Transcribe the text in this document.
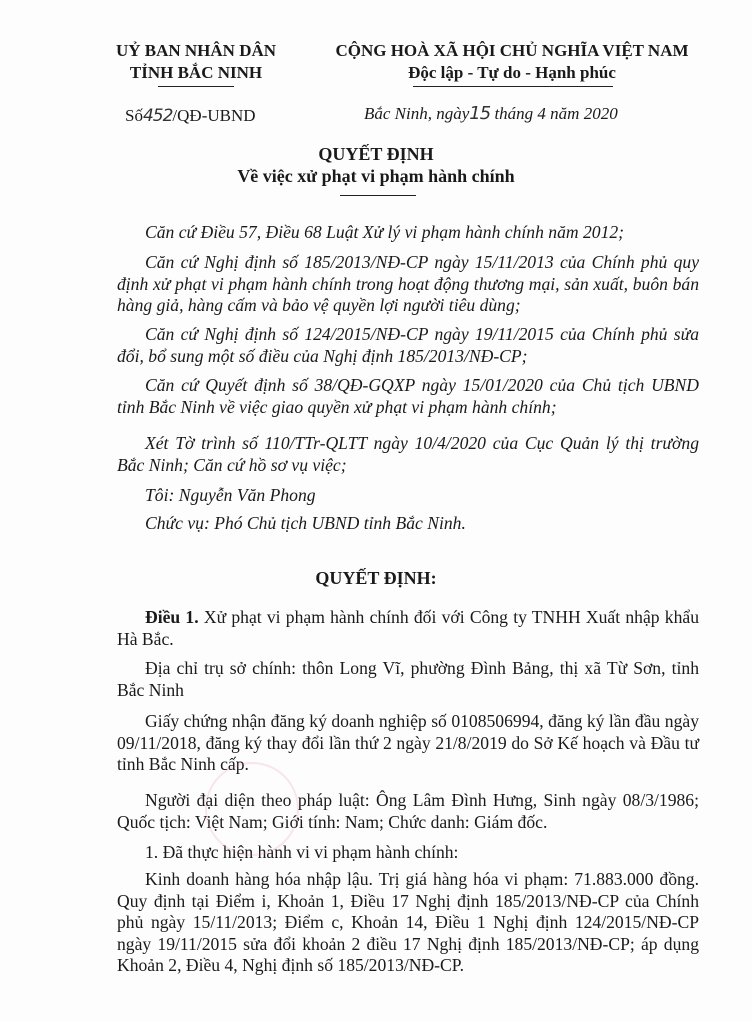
UỶ BAN NHÂN DÂN
TỈNH BẮC NINH
CỘNG HOÀ XÃ HỘI CHỦ NGHĨA VIỆT NAM
Độc lập - Tự do - Hạnh phúc
Số452/QĐ-UBND	Bắc Ninh, ngày15 tháng 4 năm 2020
QUYẾT ĐỊNH
Về việc xử phạt vi phạm hành chính
Căn cứ Điều 57, Điều 68 Luật Xử lý vi phạm hành chính năm 2012;
Căn cứ Nghị định số 185/2013/NĐ-CP ngày 15/11/2013 của Chính phủ quy định xử phạt vi phạm hành chính trong hoạt động thương mại, sản xuất, buôn bán hàng giả, hàng cấm và bảo vệ quyền lợi người tiêu dùng;
Căn cứ Nghị định số 124/2015/NĐ-CP ngày 19/11/2015 của Chính phủ sửa đổi, bổ sung một số điều của Nghị định 185/2013/NĐ-CP;
Căn cứ Quyết định số 38/QĐ-GQXP ngày 15/01/2020 của Chủ tịch UBND tỉnh Bắc Ninh về việc giao quyền xử phạt vi phạm hành chính;
Xét Tờ trình số 110/TTr-QLTT ngày 10/4/2020 của Cục Quản lý thị trường Bắc Ninh; Căn cứ hồ sơ vụ việc;
Tôi: Nguyễn Văn Phong
Chức vụ: Phó Chủ tịch UBND tỉnh Bắc Ninh.
QUYẾT ĐỊNH:
Điều 1. Xử phạt vi phạm hành chính đối với Công ty TNHH Xuất nhập khẩu Hà Bắc.
Địa chỉ trụ sở chính: thôn Long Vĩ, phường Đình Bảng, thị xã Từ Sơn, tỉnh Bắc Ninh
Giấy chứng nhận đăng ký doanh nghiệp số 0108506994, đăng ký lần đầu ngày 09/11/2018, đăng ký thay đổi lần thứ 2 ngày 21/8/2019 do Sở Kế hoạch và Đầu tư tỉnh Bắc Ninh cấp.
Người đại diện theo pháp luật: Ông Lâm Đình Hưng, Sinh ngày 08/3/1986; Quốc tịch: Việt Nam; Giới tính: Nam; Chức danh: Giám đốc.
1. Đã thực hiện hành vi vi phạm hành chính:
Kinh doanh hàng hóa nhập lậu. Trị giá hàng hóa vi phạm: 71.883.000 đồng. Quy định tại Điểm i, Khoản 1, Điều 17 Nghị định 185/2013/NĐ-CP của Chính phủ ngày 15/11/2013; Điểm c, Khoản 14, Điều 1 Nghị định 124/2015/NĐ-CP ngày 19/11/2015 sửa đổi khoản 2 điều 17 Nghị định 185/2013/NĐ-CP; áp dụng Khoản 2, Điều 4, Nghị định số 185/2013/NĐ-CP.
